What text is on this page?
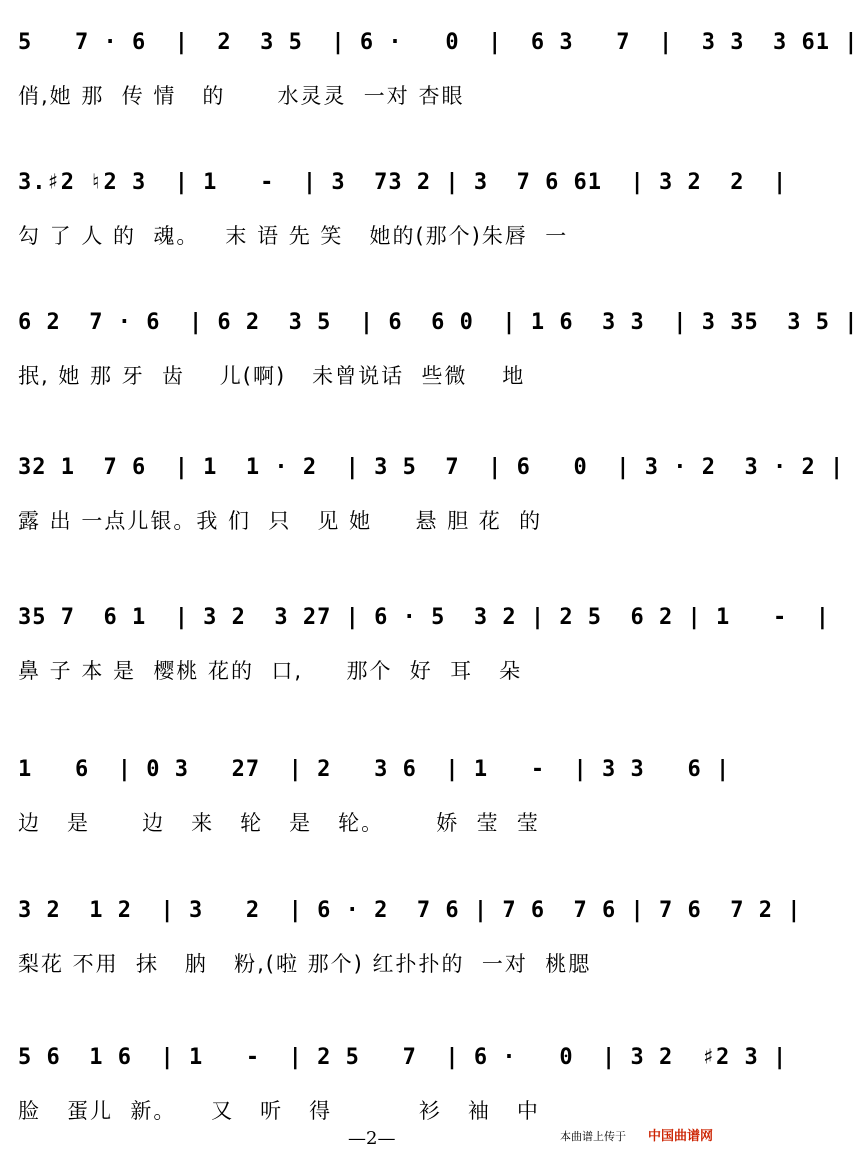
5   7 · 6  |  2  3 5  | 6 ·   0  |  6 3   7  |  3 3  3 61 |
俏,她 那  传 情   的      水灵灵  一对 杏眼
3.♯2 ♮2 3  | 1   -  | 3  73 2 | 3  7 6 61  | 3 2  2  |
勾 了 人 的  魂。   末 语 先 笑   她的(那个)朱唇  一
6 2  7 · 6  | 6 2  3 5  | 6  6 0  | 1 6  3 3  | 3 35  3 5 |
抿, 她 那 牙  齿    儿(啊)   未曾说话  些微    地
32 1  7 6  | 1  1 · 2  | 3 5  7  | 6   0  | 3 · 2  3 · 2 |
露 出 一点儿银。我 们  只   见 她     悬 胆 花  的
35 7  6 1  | 3 2  3 27 | 6 · 5  3 2 | 2 5  6 2 | 1   -  |
鼻 子 本 是  樱桃 花的  口,     那个  好  耳   朵
1   6  | 0 3   27  | 2   3 6  | 1   -  | 3 3   6 |
边   是      边   来   轮   是   轮。      娇  莹  莹
3 2  1 2  | 3   2  | 6 · 2  7 6 | 7 6  7 6 | 7 6  7 2 |
梨花 不用  抹   肭   粉,(啦 那个) 红扑扑的  一对  桃腮
5 6  1 6  | 1   -  | 2 5   7  | 6 ·   0  | 3 2  ♯2 3 |
脸   蛋儿  新。    又   听   得          衫   袖   中
—2—	本曲谱上传于 中国曲谱网
